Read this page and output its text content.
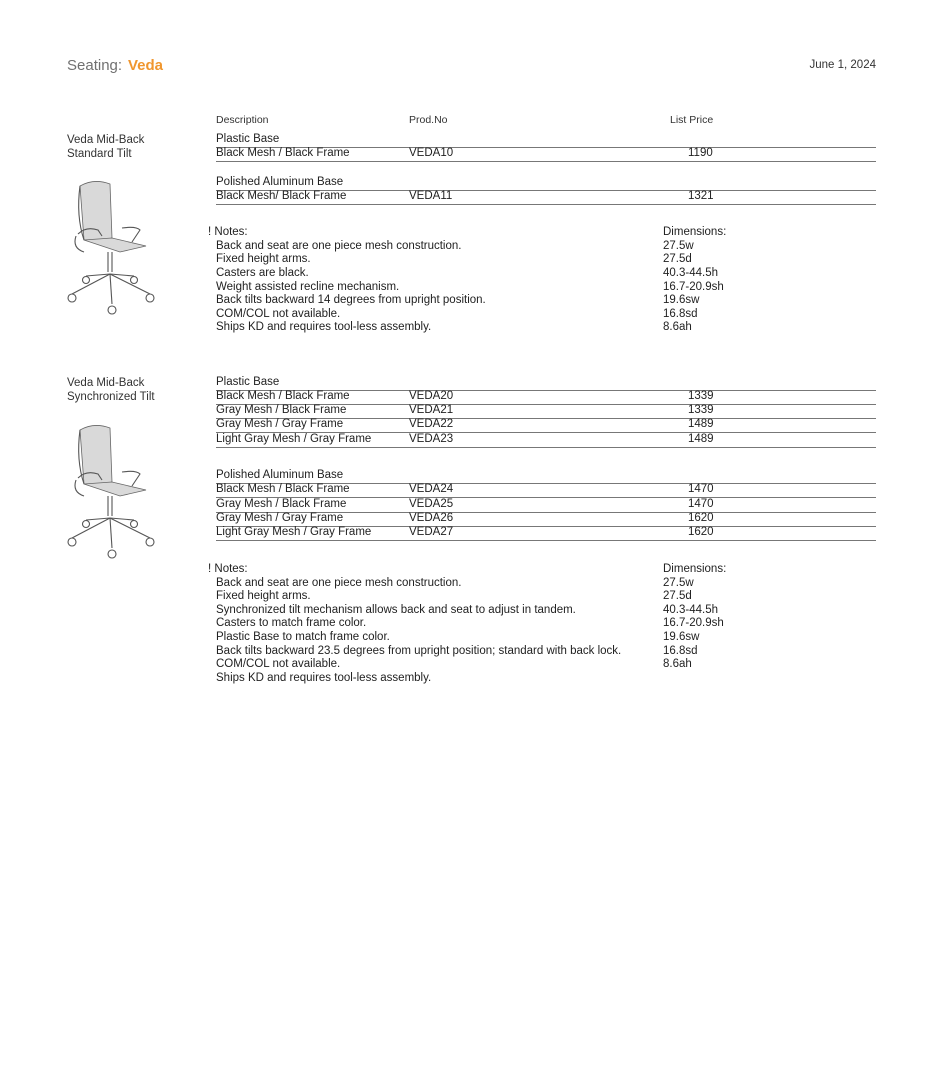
Seating: Veda	June 1, 2024
Description	Prod.No	List Price
Veda Mid-Back
Standard Tilt
Plastic Base
Black Mesh / Black Frame	VEDA10	1190
Polished Aluminum Base
Black Mesh/ Black Frame	VEDA11	1321
! Notes:
Back and seat are one piece mesh construction.
Fixed height arms.
Casters are black.
Weight assisted recline mechanism.
Back tilts backward 14 degrees from upright position.
COM/COL not available.
Ships KD and requires tool-less assembly.
Dimensions:
27.5w
27.5d
40.3-44.5h
16.7-20.9sh
19.6sw
16.8sd
8.6ah
Veda Mid-Back
Synchronized Tilt
Plastic Base
Black Mesh / Black Frame	VEDA20	1339
Gray Mesh / Black Frame	VEDA21	1339
Gray Mesh / Gray Frame	VEDA22	1489
Light Gray Mesh / Gray Frame	VEDA23	1489
Polished Aluminum Base
Black Mesh / Black Frame	VEDA24	1470
Gray Mesh / Black Frame	VEDA25	1470
Gray Mesh / Gray Frame	VEDA26	1620
Light Gray Mesh / Gray Frame	VEDA27	1620
! Notes:
Back and seat are one piece mesh construction.
Fixed height arms.
Synchronized tilt mechanism allows back and seat to adjust in tandem.
Casters to match frame color.
Plastic Base to match frame color.
Back tilts backward 23.5 degrees from upright position; standard with back lock.
COM/COL not available.
Ships KD and requires tool-less assembly.
Dimensions:
27.5w
27.5d
40.3-44.5h
16.7-20.9sh
19.6sw
16.8sd
8.6ah
